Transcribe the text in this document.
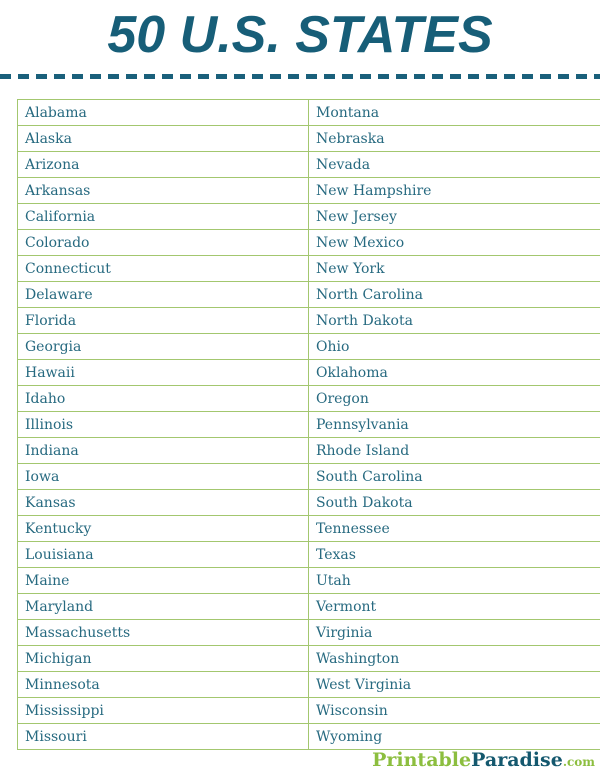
50 U.S. STATES
Alabama	Montana
Alaska	Nebraska
Arizona	Nevada
Arkansas	New Hampshire
California	New Jersey
Colorado	New Mexico
Connecticut	New York
Delaware	North Carolina
Florida	North Dakota
Georgia	Ohio
Hawaii	Oklahoma
Idaho	Oregon
Illinois	Pennsylvania
Indiana	Rhode Island
Iowa	South Carolina
Kansas	South Dakota
Kentucky	Tennessee
Louisiana	Texas
Maine	Utah
Maryland	Vermont
Massachusetts	Virginia
Michigan	Washington
Minnesota	West Virginia
Mississippi	Wisconsin
Missouri	Wyoming
PrintableParadise.com
